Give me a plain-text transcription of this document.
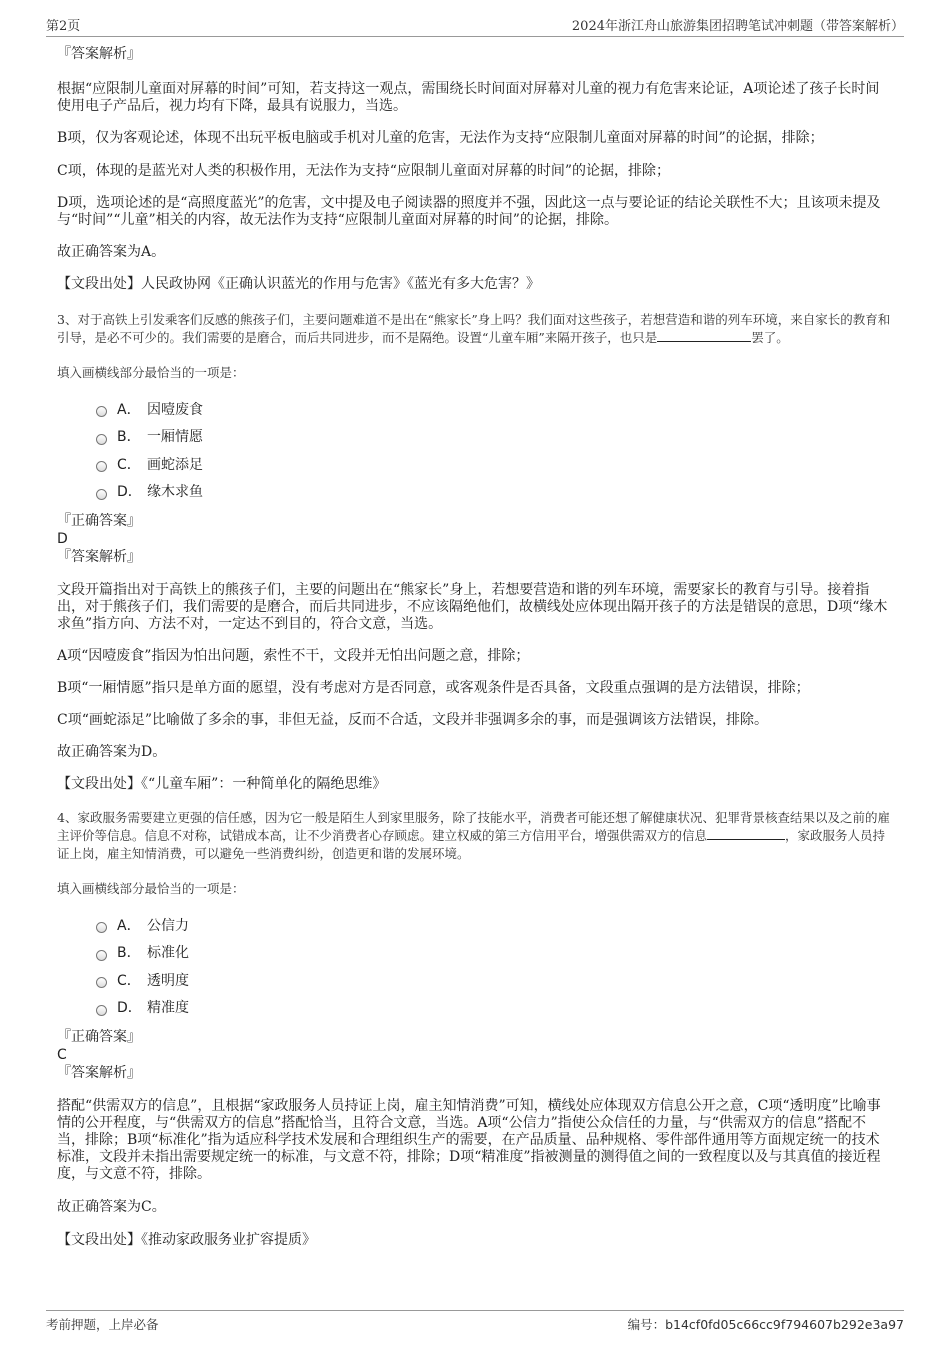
第2页	2024年浙江舟山旅游集团招聘笔试冲刺题（带答案解析）

『答案解析』

根据“应限制儿童面对屏幕的时间”可知，若支持这一观点，需围绕长时间面对屏幕对儿童的视力有危害来论证，A项论述了孩子长时间使用电子产品后，视力均有下降，最具有说服力，当选。

B项，仅为客观论述，体现不出玩平板电脑或手机对儿童的危害，无法作为支持“应限制儿童面对屏幕的时间”的论据，排除；

C项，体现的是蓝光对人类的积极作用，无法作为支持“应限制儿童面对屏幕的时间”的论据，排除；

D项，选项论述的是“高照度蓝光”的危害，文中提及电子阅读器的照度并不强，因此这一点与要论证的结论关联性不大；且该项未提及与“时间”“儿童”相关的内容，故无法作为支持“应限制儿童面对屏幕的时间”的论据，排除。

故正确答案为A。

【文段出处】人民政协网《正确认识蓝光的作用与危害》《蓝光有多大危害？》

3、对于高铁上引发乘客们反感的熊孩子们，主要问题难道不是出在“熊家长”身上吗？我们面对这些孩子，若想营造和谐的列车环境，来自家长的教育和引导，是必不可少的。我们需要的是磨合，而后共同进步，而不是隔绝。设置“儿童车厢”来隔开孩子，也只是	罢了。

填入画横线部分最恰当的一项是：

A． 因噎废食
B． 一厢情愿
C． 画蛇添足
D． 缘木求鱼

『正确答案』

D

『答案解析』

文段开篇指出对于高铁上的熊孩子们，主要的问题出在“熊家长”身上，若想要营造和谐的列车环境，需要家长的教育与引导。接着指出，对于熊孩子们，我们需要的是磨合，而后共同进步，不应该隔绝他们，故横线处应体现出隔开孩子的方法是错误的意思，D项“缘木求鱼”指方向、方法不对，一定达不到目的，符合文意，当选。

A项“因噎废食”指因为怕出问题，索性不干，文段并无怕出问题之意，排除；

B项“一厢情愿”指只是单方面的愿望，没有考虑对方是否同意，或客观条件是否具备，文段重点强调的是方法错误，排除；

C项“画蛇添足”比喻做了多余的事，非但无益，反而不合适，文段并非强调多余的事，而是强调该方法错误，排除。

故正确答案为D。

【文段出处】《“儿童车厢”：一种简单化的隔绝思维》

4、家政服务需要建立更强的信任感，因为它一般是陌生人到家里服务，除了技能水平，消费者可能还想了解健康状况、犯罪背景核查结果以及之前的雇主评价等信息。信息不对称，试错成本高，让不少消费者心存顾虑。建立权威的第三方信用平台，增强供需双方的信息	，家政服务人员持证上岗，雇主知情消费，可以避免一些消费纠纷，创造更和谐的发展环境。

填入画横线部分最恰当的一项是：

A． 公信力
B． 标准化
C． 透明度
D． 精准度

『正确答案』

C

『答案解析』

搭配“供需双方的信息”，且根据“家政服务人员持证上岗，雇主知情消费”可知，横线处应体现双方信息公开之意，C项“透明度”比喻事情的公开程度，与“供需双方的信息”搭配恰当，且符合文意，当选。A项“公信力”指使公众信任的力量，与“供需双方的信息”搭配不当，排除；B项“标准化”指为适应科学技术发展和合理组织生产的需要，在产品质量、品种规格、零件部件通用等方面规定统一的技术标准，文段并未指出需要规定统一的标准，与文意不符，排除；D项“精准度”指被测量的测得值之间的一致程度以及与其真值的接近程度，与文意不符，排除。

故正确答案为C。

【文段出处】《推动家政服务业扩容提质》

考前押题，上岸必备	编号：b14cf0fd05c66cc9f794607b292e3a97
